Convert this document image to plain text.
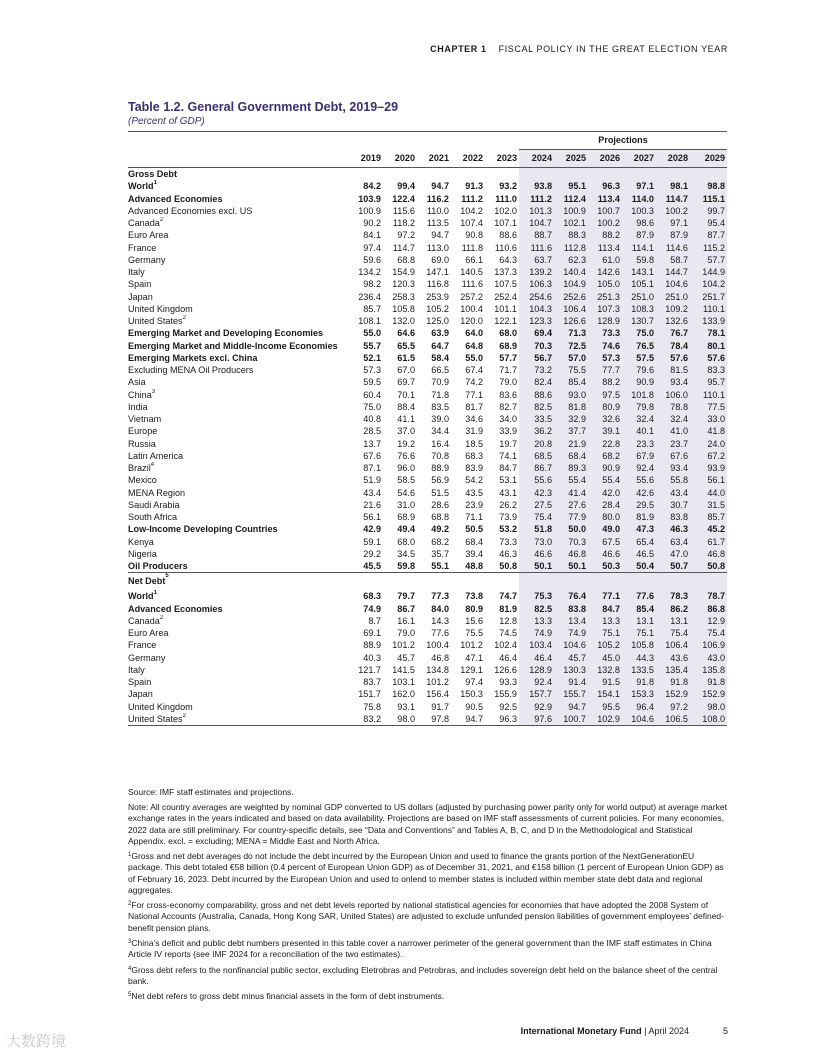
CHAPTER 1 FISCAL POLICY IN THE GREAT ELECTION YEAR
Table 1.2. General Government Debt, 2019–29
(Percent of GDP)
						Projections					
	2019	2020	2021	2022	2023	2024	2025	2026	2027	2028	2029
Gross Debt											
World$^1$	84.2	99.4	94.7	91.3	93.2	93.8	95.1	96.3	97.1	98.1	98.8
Advanced Economies	103.9	122.4	116.2	111.2	111.0	111.2	112.4	113.4	114.0	114.7	115.1
Advanced Economies excl. US	100.9	115.6	110.0	104.2	102.0	101.3	100.9	100.7	100.3	100.2	99.7
Canada$^2$	90.2	118.2	113.5	107.4	107.1	104.7	102.1	100.2	98.6	97.1	95.4
Euro Area	84.1	97.2	94.7	90.8	88.6	88.7	88.3	88.2	87.9	87.9	87.7
France	97.4	114.7	113.0	111.8	110.6	111.6	112.8	113.4	114.1	114.6	115.2
Germany	59.6	68.8	69.0	66.1	64.3	63.7	62.3	61.0	59.8	58.7	57.7
Italy	134.2	154.9	147.1	140.5	137.3	139.2	140.4	142.6	143.1	144.7	144.9
Spain	98.2	120.3	116.8	111.6	107.5	106.3	104.9	105.0	105.1	104.6	104.2
Japan	236.4	258.3	253.9	257.2	252.4	254.6	252.6	251.3	251.0	251.0	251.7
United Kingdom	85.7	105.8	105.2	100.4	101.1	104.3	106.4	107.3	108.3	109.2	110.1
United States$^2$	108.1	132.0	125.0	120.0	122.1	123.3	126.6	128.9	130.7	132.6	133.9
Emerging Market and Developing Economies	55.0	64.6	63.9	64.0	68.0	69.4	71.3	73.3	75.0	76.7	78.1
Emerging Market and Middle-Income Economies	55.7	65.5	64.7	64.8	68.9	70.3	72.5	74.6	76.5	78.4	80.1
Emerging Markets excl. China	52.1	61.5	58.4	55.0	57.7	56.7	57.0	57.3	57.5	57.6	57.6
Excluding MENA Oil Producers	57.3	67.0	66.5	67.4	71.7	73.2	75.5	77.7	79.6	81.5	83.3
Asia	59.5	69.7	70.9	74.2	79.0	82.4	85.4	88.2	90.9	93.4	95.7
China$^3$	60.4	70.1	71.8	77.1	83.6	88.6	93.0	97.5	101.8	106.0	110.1
India	75.0	88.4	83.5	81.7	82.7	82.5	81.8	80.9	79.8	78.8	77.5
Vietnam	40.8	41.1	39.0	34.6	34.0	33.5	32.9	32.6	32.4	32.4	33.0
Europe	28.5	37.0	34.4	31.9	33.9	36.2	37.7	39.1	40.1	41.0	41.8
Russia	13.7	19.2	16.4	18.5	19.7	20.8	21.9	22.8	23.3	23.7	24.0
Latin America	67.6	76.6	70.8	68.3	74.1	68.5	68.4	68.2	67.9	67.6	67.2
Brazil$^4$	87.1	96.0	88.9	83.9	84.7	86.7	89.3	90.9	92.4	93.4	93.9
Mexico	51.9	58.5	56.9	54.2	53.1	55.6	55.4	55.4	55.6	55.8	56.1
MENA Region	43.4	54.6	51.5	43.5	43.1	42.3	41.4	42.0	42.6	43.4	44.0
Saudi Arabia	21.6	31.0	28.6	23.9	26.2	27.5	27.6	28.4	29.5	30.7	31.5
South Africa	56.1	68.9	68.8	71.1	73.9	75.4	77.9	80.0	81.9	83.8	85.7
Low-Income Developing Countries	42.9	49.4	49.2	50.5	53.2	51.8	50.0	49.0	47.3	46.3	45.2
Kenya	59.1	68.0	68.2	68.4	73.3	73.0	70.3	67.5	65.4	63.4	61.7
Nigeria	29.2	34.5	35.7	39.4	46.3	46.6	46.8	46.6	46.5	47.0	46.8
Oil Producers	45.5	59.8	55.1	48.8	50.8	50.1	50.1	50.3	50.4	50.7	50.8
Net Debt$^5$											
World$^1$	68.3	79.7	77.3	73.8	74.7	75.3	76.4	77.1	77.6	78.3	78.7
Advanced Economies	74.9	86.7	84.0	80.9	81.9	82.5	83.8	84.7	85.4	86.2	86.8
Canada$^2$	8.7	16.1	14.3	15.6	12.8	13.3	13.4	13.3	13.1	13.1	12.9
Euro Area	69.1	79.0	77.6	75.5	74.5	74.9	74.9	75.1	75.1	75.4	75.4
France	88.9	101.2	100.4	101.2	102.4	103.4	104.6	105.2	105.8	106.4	106.9
Germany	40.3	45.7	46.8	47.1	46.4	46.4	45.7	45.0	44.3	43.6	43.0
Italy	121.7	141.5	134.8	129.1	126.6	128.9	130.3	132.8	133.5	135.4	135.8
Spain	83.7	103.1	101.2	97.4	93.3	92.4	91.4	91.5	91.8	91.8	91.8
Japan	151.7	162.0	156.4	150.3	155.9	157.7	155.7	154.1	153.3	152.9	152.9
United Kingdom	75.8	93.1	91.7	90.5	92.5	92.9	94.7	95.5	96.4	97.2	98.0
United States$^2$	83.2	98.0	97.8	94.7	96.3	97.6	100.7	102.9	104.6	106.5	108.0

Source: IMF staff estimates and projections.

Note: All country averages are weighted by nominal GDP converted to US dollars (adjusted by purchasing power parity only for world output) at average market exchange rates in the years indicated and based on data availability. Projections are based on IMF staff assessments of current policies. For many economies, 2022 data are still preliminary. For country-specific details, see “Data and Conventions” and Tables A, B, C, and D in the Methodological and Statistical Appendix. excl. = excluding; MENA = Middle East and North Africa.

$^1$Gross and net debt averages do not include the debt incurred by the European Union and used to finance the grants portion of the NextGenerationEU package. This debt totaled €58 billion (0.4 percent of European Union GDP) as of December 31, 2021, and €158 billion (1 percent of European Union GDP) as of February 16, 2023. Debt incurred by the European Union and used to onlend to member states is included within member state debt data and regional aggregates.

$^2$For cross-economy comparability, gross and net debt levels reported by national statistical agencies for economies that have adopted the 2008 System of National Accounts (Australia, Canada, Hong Kong SAR, United States) are adjusted to exclude unfunded pension liabilities of government employees’ defined-benefit pension plans.

$^3$China’s deficit and public debt numbers presented in this table cover a narrower perimeter of the general government than the IMF staff estimates in China Article IV reports (see IMF 2024 for a reconciliation of the two estimates).

$^4$Gross debt refers to the nonfinancial public sector, excluding Eletrobras and Petrobras, and includes sovereign debt held on the balance sheet of the central bank.

$^5$Net debt refers to gross debt minus financial assets in the form of debt instruments.

International Monetary Fund | April 2024	5
大数跨境
